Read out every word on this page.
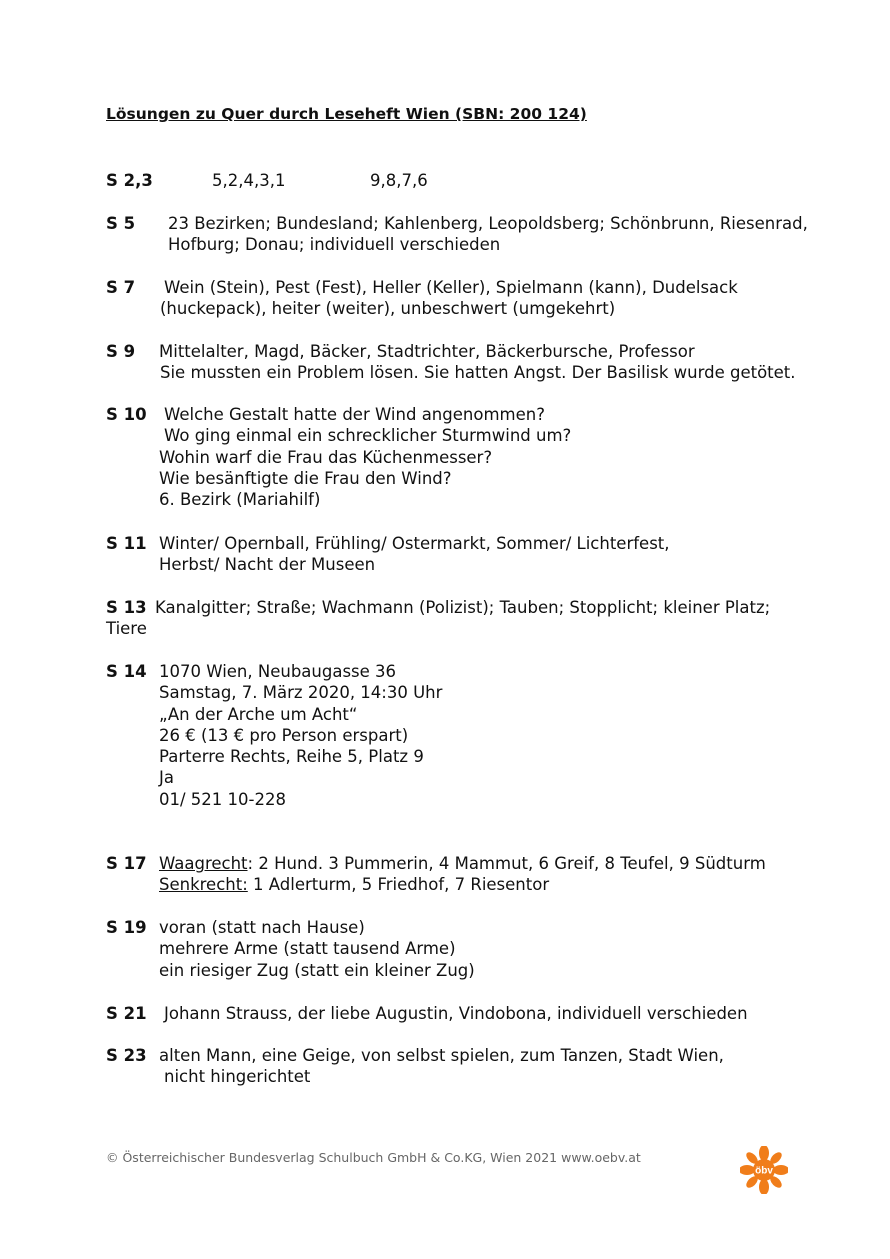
Lösungen zu Quer durch Leseheft Wien (SBN: 200 124)
S 2,3	5,2,4,3,1	9,8,7,6
S 5 23 Bezirken; Bundesland; Kahlenberg, Leopoldsberg; Schönbrunn, Riesenrad,
Hofburg; Donau; individuell verschieden
S 7 Wein (Stein), Pest (Fest), Heller (Keller), Spielmann (kann), Dudelsack
(huckepack), heiter (weiter), unbeschwert (umgekehrt)
S 9 Mittelalter, Magd, Bäcker, Stadtrichter, Bäckerbursche, Professor
Sie mussten ein Problem lösen. Sie hatten Angst. Der Basilisk wurde getötet.
S 10	Welche Gestalt hatte der Wind angenommen?
Wo ging einmal ein schrecklicher Sturmwind um?
Wohin warf die Frau das Küchenmesser?
Wie besänftigte die Frau den Wind?
6. Bezirk (Mariahilf)
S 11 Winter/ Opernball, Frühling/ Ostermarkt, Sommer/ Lichterfest,
Herbst/ Nacht der Museen
S 13 Kanalgitter; Straße; Wachmann (Polizist); Tauben; Stopplicht; kleiner Platz;
Tiere
S 14 1070 Wien, Neubaugasse 36
Samstag, 7. März 2020, 14:30 Uhr
„An der Arche um Acht“
26 € (13 € pro Person erspart)
Parterre Rechts, Reihe 5, Platz 9
Ja
01/ 521 10-228
S 17 Waagrecht: 2 Hund. 3 Pummerin, 4 Mammut, 6 Greif, 8 Teufel, 9 Südturm
Senkrecht: 1 Adlerturm, 5 Friedhof, 7 Riesentor
S 19 voran (statt nach Hause)
mehrere Arme (statt tausend Arme)
ein riesiger Zug (statt ein kleiner Zug)
S 21 Johann Strauss, der liebe Augustin, Vindobona, individuell verschieden
S 23 alten Mann, eine Geige, von selbst spielen, zum Tanzen, Stadt Wien,
nicht hingerichtet
© Österreichischer Bundesverlag Schulbuch GmbH & Co.KG, Wien 2021 www.oebv.at
öbv
